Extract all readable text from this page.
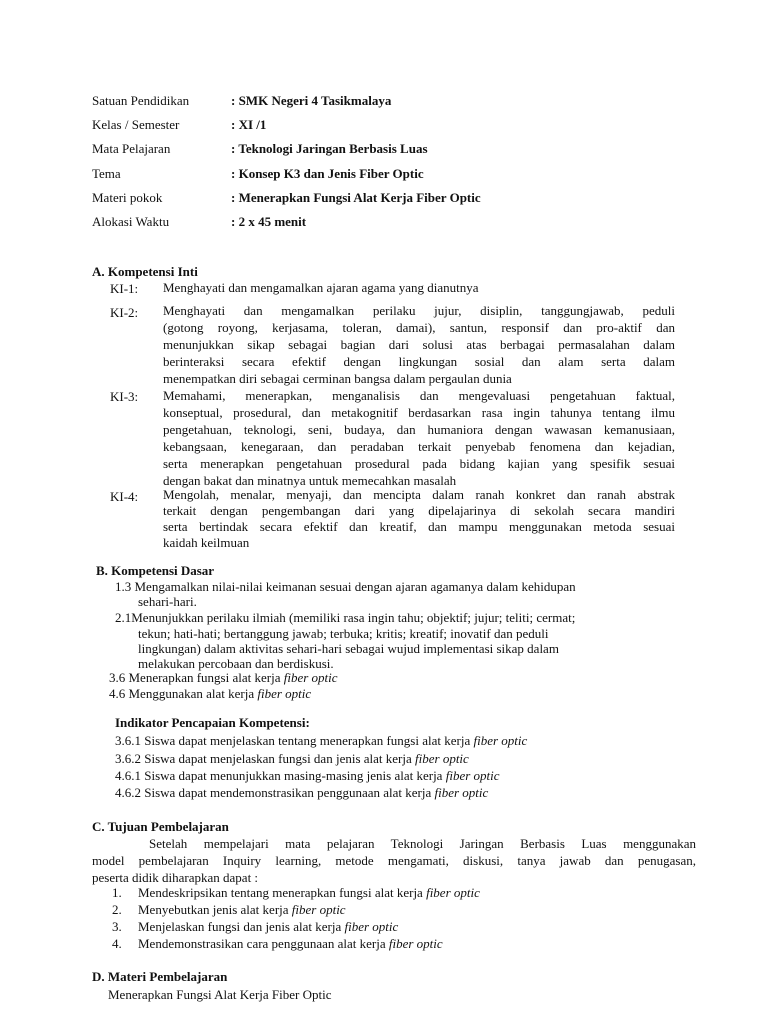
Satuan Pendidikan	: SMK Negeri 4 Tasikmalaya
Kelas / Semester	: XI /1
Mata Pelajaran	: Teknologi Jaringan Berbasis Luas
Tema	: Konsep K3 dan Jenis Fiber Optic
Materi pokok	: Menerapkan Fungsi Alat Kerja Fiber Optic
Alokasi Waktu	: 2 x 45 menit
A. Kompetensi Inti
KI-1: Menghayati dan mengamalkan ajaran agama yang dianutnya
KI-2: Menghayati dan mengamalkan perilaku jujur, disiplin, tanggungjawab, peduli
(gotong royong, kerjasama, toleran, damai), santun, responsif dan pro-aktif dan
menunjukkan sikap sebagai bagian dari solusi atas berbagai permasalahan dalam
berinteraksi secara efektif dengan lingkungan sosial dan alam serta dalam
menempatkan diri sebagai cerminan bangsa dalam pergaulan dunia
KI-3: Memahami, menerapkan, menganalisis dan mengevaluasi pengetahuan faktual,
konseptual, prosedural, dan metakognitif berdasarkan rasa ingin tahunya tentang ilmu
pengetahuan, teknologi, seni, budaya, dan humaniora dengan wawasan kemanusiaan,
kebangsaan, kenegaraan, dan peradaban terkait penyebab fenomena dan kejadian,
serta menerapkan pengetahuan prosedural pada bidang kajian yang spesifik sesuai
dengan bakat dan minatnya untuk memecahkan masalah
KI-4: Mengolah, menalar, menyaji, dan mencipta dalam ranah konkret dan ranah abstrak
terkait dengan pengembangan dari yang dipelajarinya di sekolah secara mandiri
serta bertindak secara efektif dan kreatif, dan mampu menggunakan metoda sesuai
kaidah keilmuan
B. Kompetensi Dasar
1.3 Mengamalkan nilai-nilai keimanan sesuai dengan ajaran agamanya dalam kehidupan
sehari-hari.
2.1Menunjukkan perilaku ilmiah (memiliki rasa ingin tahu; objektif; jujur; teliti; cermat;
tekun; hati-hati; bertanggung jawab; terbuka; kritis; kreatif; inovatif dan peduli
lingkungan) dalam aktivitas sehari-hari sebagai wujud implementasi sikap dalam
melakukan percobaan dan berdiskusi.
3.6 Menerapkan fungsi alat kerja fiber optic
4.6 Menggunakan alat kerja fiber optic
Indikator Pencapaian Kompetensi:
3.6.1 Siswa dapat menjelaskan tentang menerapkan fungsi alat kerja fiber optic
3.6.2 Siswa dapat menjelaskan fungsi dan jenis alat kerja fiber optic
4.6.1 Siswa dapat menunjukkan masing-masing jenis alat kerja fiber optic
4.6.2 Siswa dapat mendemonstrasikan penggunaan alat kerja fiber optic
C. Tujuan Pembelajaran
Setelah mempelajari mata pelajaran Teknologi Jaringan Berbasis Luas menggunakan
model pembelajaran Inquiry learning, metode mengamati, diskusi, tanya jawab dan penugasan,
peserta didik diharapkan dapat :
1. Mendeskripsikan tentang menerapkan fungsi alat kerja fiber optic
2. Menyebutkan jenis alat kerja fiber optic
3. Menjelaskan fungsi dan jenis alat kerja fiber optic
4. Mendemonstrasikan cara penggunaan alat kerja fiber optic
D. Materi Pembelajaran
Menerapkan Fungsi Alat Kerja Fiber Optic
